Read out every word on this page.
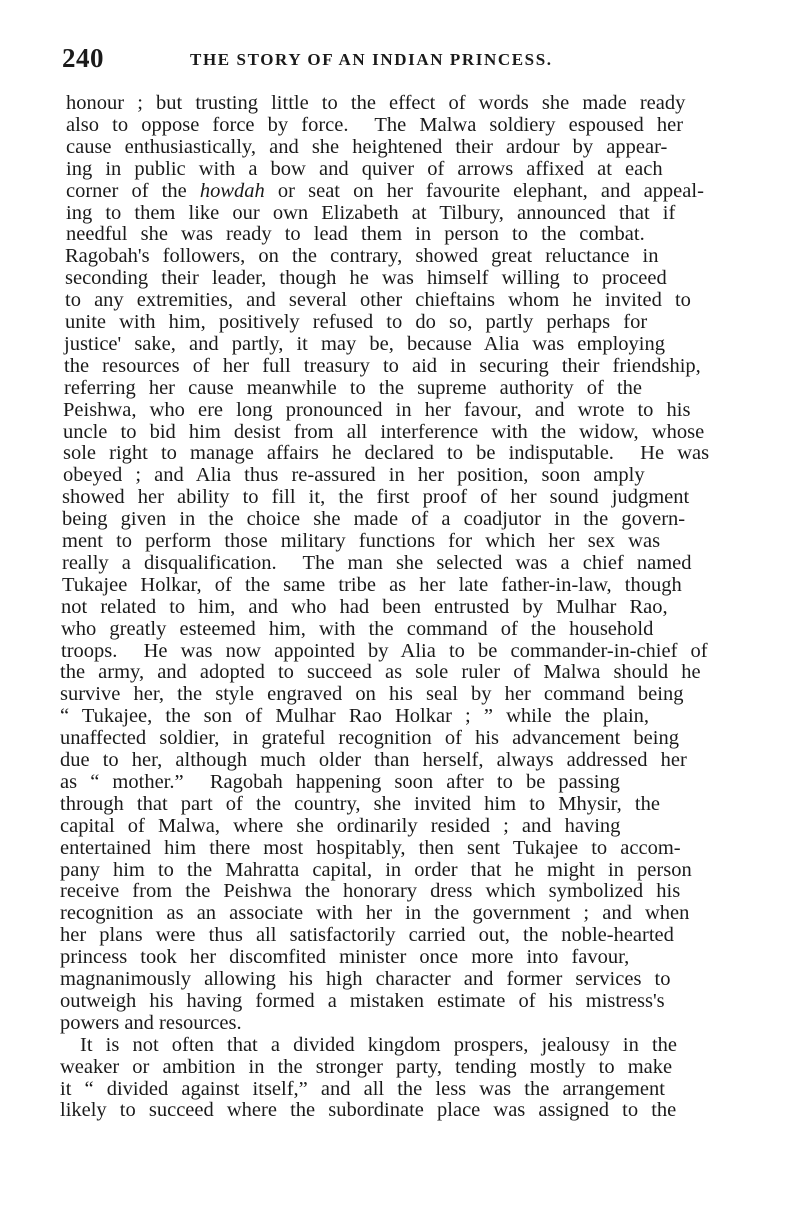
240	THE STORY OF AN INDIAN PRINCESS.
honour ; but trusting little to the effect of words she made ready
also to oppose force by force.  The Malwa soldiery espoused her
cause enthusiastically, and she heightened their ardour by appear-
ing in public with a bow and quiver of arrows affixed at each
corner of the howdah or seat on her favourite elephant, and appeal-
ing to them like our own Elizabeth at Tilbury, announced that if
needful she was ready to lead them in person to the combat.
Ragobah's followers, on the contrary, showed great reluctance in
seconding their leader, though he was himself willing to proceed
to any extremities, and several other chieftains whom he invited to
unite with him, positively refused to do so, partly perhaps for
justice' sake, and partly, it may be, because Alia was employing
the resources of her full treasury to aid in securing their friendship,
referring her cause meanwhile to the supreme authority of the
Peishwa, who ere long pronounced in her favour, and wrote to his
uncle to bid him desist from all interference with the widow, whose
sole right to manage affairs he declared to be indisputable.  He was
obeyed ; and Alia thus re-assured in her position, soon amply
showed her ability to fill it, the first proof of her sound judgment
being given in the choice she made of a coadjutor in the govern-
ment to perform those military functions for which her sex was
really a disqualification.  The man she selected was a chief named
Tukajee Holkar, of the same tribe as her late father-in-law, though
not related to him, and who had been entrusted by Mulhar Rao,
who greatly esteemed him, with the command of the household
troops.  He was now appointed by Alia to be commander-in-chief of
the army, and adopted to succeed as sole ruler of Malwa should he
survive her, the style engraved on his seal by her command being
“ Tukajee, the son of Mulhar Rao Holkar ; ” while the plain,
unaffected soldier, in grateful recognition of his advancement being
due to her, although much older than herself, always addressed her
as “ mother.”  Ragobah happening soon after to be passing
through that part of the country, she invited him to Mhysir, the
capital of Malwa, where she ordinarily resided ; and having
entertained him there most hospitably, then sent Tukajee to accom-
pany him to the Mahratta capital, in order that he might in person
receive from the Peishwa the honorary dress which symbolized his
recognition as an associate with her in the government ; and when
her plans were thus all satisfactorily carried out, the noble-hearted
princess took her discomfited minister once more into favour,
magnanimously allowing his high character and former services to
outweigh his having formed a mistaken estimate of his mistress's
powers and resources.
It is not often that a divided kingdom prospers, jealousy in the
weaker or ambition in the stronger party, tending mostly to make
it “ divided against itself,” and all the less was the arrangement
likely to succeed where the subordinate place was assigned to the
